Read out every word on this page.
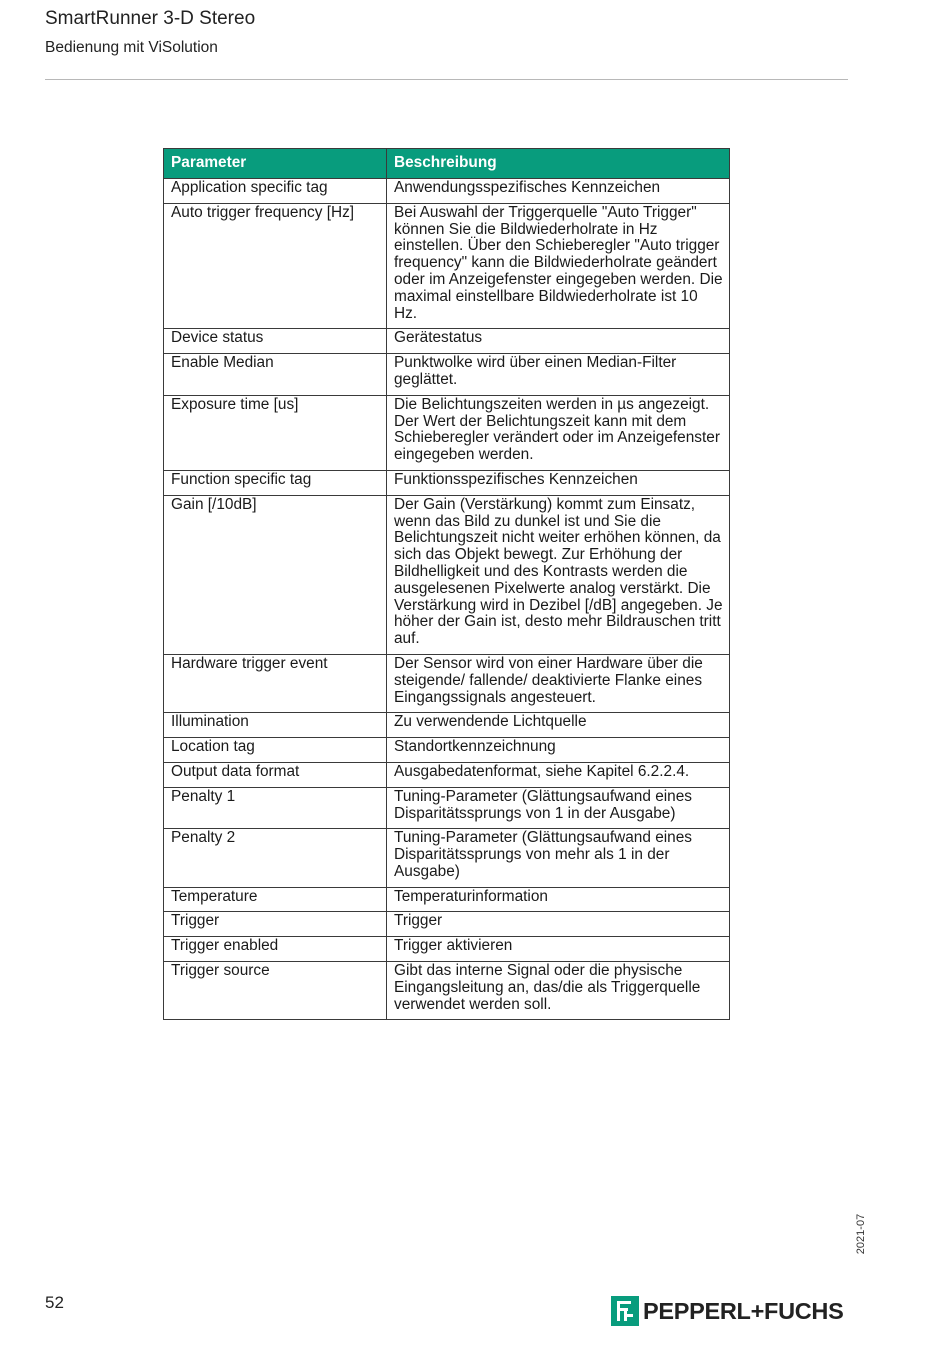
SmartRunner 3-D Stereo
Bedienung mit ViSolution
Parameter	Beschreibung
Application specific tag	Anwendungsspezifisches Kennzeichen
Auto trigger frequency [Hz]	Bei Auswahl der Triggerquelle "Auto Trigger" können Sie die Bildwiederholrate in Hz einstellen. Über den Schieberegler "Auto trigger frequency" kann die Bildwiederholrate geändert oder im Anzeigefenster eingegeben werden. Die maximal einstellbare Bildwiederholrate ist 10 Hz.
Device status	Gerätestatus
Enable Median	Punktwolke wird über einen Median-Filter geglättet.
Exposure time [us]	Die Belichtungszeiten werden in µs angezeigt. Der Wert der Belichtungszeit kann mit dem Schieberegler verändert oder im Anzeigefenster eingegeben werden.
Function specific tag	Funktionsspezifisches Kennzeichen
Gain [/10dB]	Der Gain (Verstärkung) kommt zum Einsatz, wenn das Bild zu dunkel ist und Sie die Belichtungszeit nicht weiter erhöhen können, da sich das Objekt bewegt. Zur Erhöhung der Bildhelligkeit und des Kontrasts werden die ausgelesenen Pixelwerte analog verstärkt. Die Verstärkung wird in Dezibel [/dB] angegeben. Je höher der Gain ist, desto mehr Bildrauschen tritt auf.
Hardware trigger event	Der Sensor wird von einer Hardware über die steigende/ fallende/ deaktivierte Flanke eines Eingangssignals angesteuert.
Illumination	Zu verwendende Lichtquelle
Location tag	Standortkennzeichnung
Output data format	Ausgabedatenformat, siehe Kapitel 6.2.2.4.
Penalty 1	Tuning-Parameter (Glättungsaufwand eines Disparitätssprungs von 1 in der Ausgabe)
Penalty 2	Tuning-Parameter (Glättungsaufwand eines Disparitätssprungs von mehr als 1 in der Ausgabe)
Temperature	Temperaturinformation
Trigger	Trigger
Trigger enabled	Trigger aktivieren
Trigger source	Gibt das interne Signal oder die physische Eingangsleitung an, das/die als Triggerquelle verwendet werden soll.
52
2021-07
PEPPERL+FUCHS
